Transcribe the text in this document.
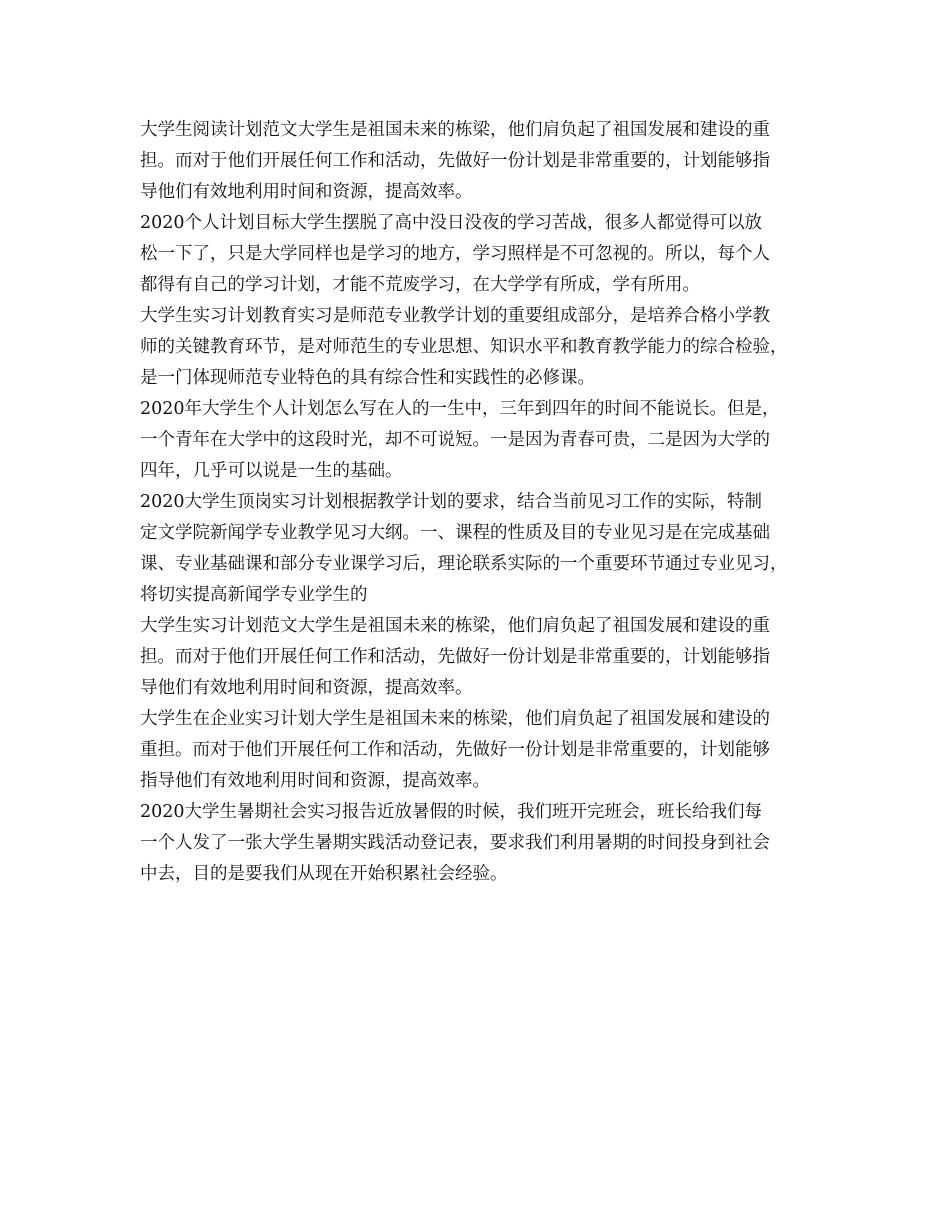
大学生阅读计划范文大学生是祖国未来的栋梁，他们肩负起了祖国发展和建设的重
担。而对于他们开展任何工作和活动，先做好一份计划是非常重要的，计划能够指
导他们有效地利用时间和资源，提高效率。
2020个人计划目标大学生摆脱了高中没日没夜的学习苦战，很多人都觉得可以放
松一下了，只是大学同样也是学习的地方，学习照样是不可忽视的。所以，每个人
都得有自己的学习计划，才能不荒废学习，在大学学有所成，学有所用。
大学生实习计划教育实习是师范专业教学计划的重要组成部分，是培养合格小学教
师的关键教育环节，是对师范生的专业思想、知识水平和教育教学能力的综合检验，
是一门体现师范专业特色的具有综合性和实践性的必修课。
2020年大学生个人计划怎么写在人的一生中，三年到四年的时间不能说长。但是，
一个青年在大学中的这段时光，却不可说短。一是因为青春可贵，二是因为大学的
四年，几乎可以说是一生的基础。
2020大学生顶岗实习计划根据教学计划的要求，结合当前见习工作的实际，特制
定文学院新闻学专业教学见习大纲。一、课程的性质及目的专业见习是在完成基础
课、专业基础课和部分专业课学习后，理论联系实际的一个重要环节通过专业见习，
将切实提高新闻学专业学生的
大学生实习计划范文大学生是祖国未来的栋梁，他们肩负起了祖国发展和建设的重
担。而对于他们开展任何工作和活动，先做好一份计划是非常重要的，计划能够指
导他们有效地利用时间和资源，提高效率。
大学生在企业实习计划大学生是祖国未来的栋梁，他们肩负起了祖国发展和建设的
重担。而对于他们开展任何工作和活动，先做好一份计划是非常重要的，计划能够
指导他们有效地利用时间和资源，提高效率。
2020大学生暑期社会实习报告近放暑假的时候，我们班开完班会，班长给我们每
一个人发了一张大学生暑期实践活动登记表，要求我们利用暑期的时间投身到社会
中去，目的是要我们从现在开始积累社会经验。
